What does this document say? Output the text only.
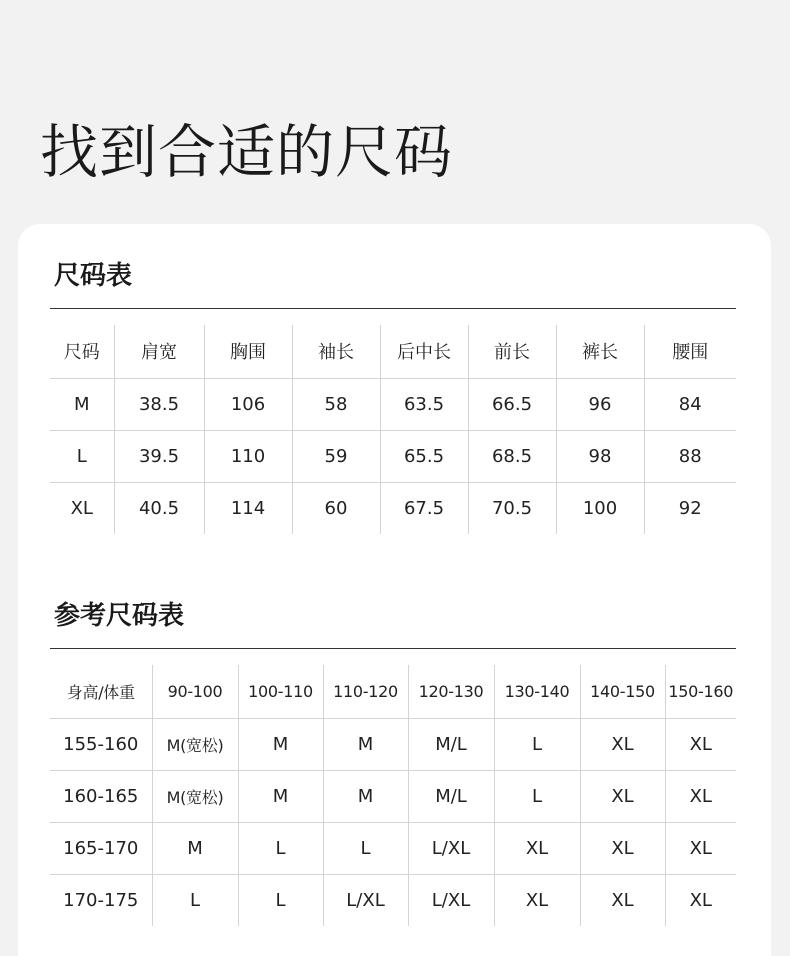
找到合适的尺码
尺码表
尺码	肩宽	胸围	袖长	后中长	前长	裤长	腰围
M	38.5	106	58	63.5	66.5	96	84
L	39.5	110	59	65.5	68.5	98	88
XL	40.5	114	60	67.5	70.5	100	92
参考尺码表
身高/体重	90-100	100-110	110-120	120-130	130-140	140-150	150-160
155-160	M(宽松)	M	M	M/L	L	XL	XL
160-165	M(宽松)	M	M	M/L	L	XL	XL
165-170	M	L	L	L/XL	XL	XL	XL
170-175	L	L	L/XL	L/XL	XL	XL	XL
